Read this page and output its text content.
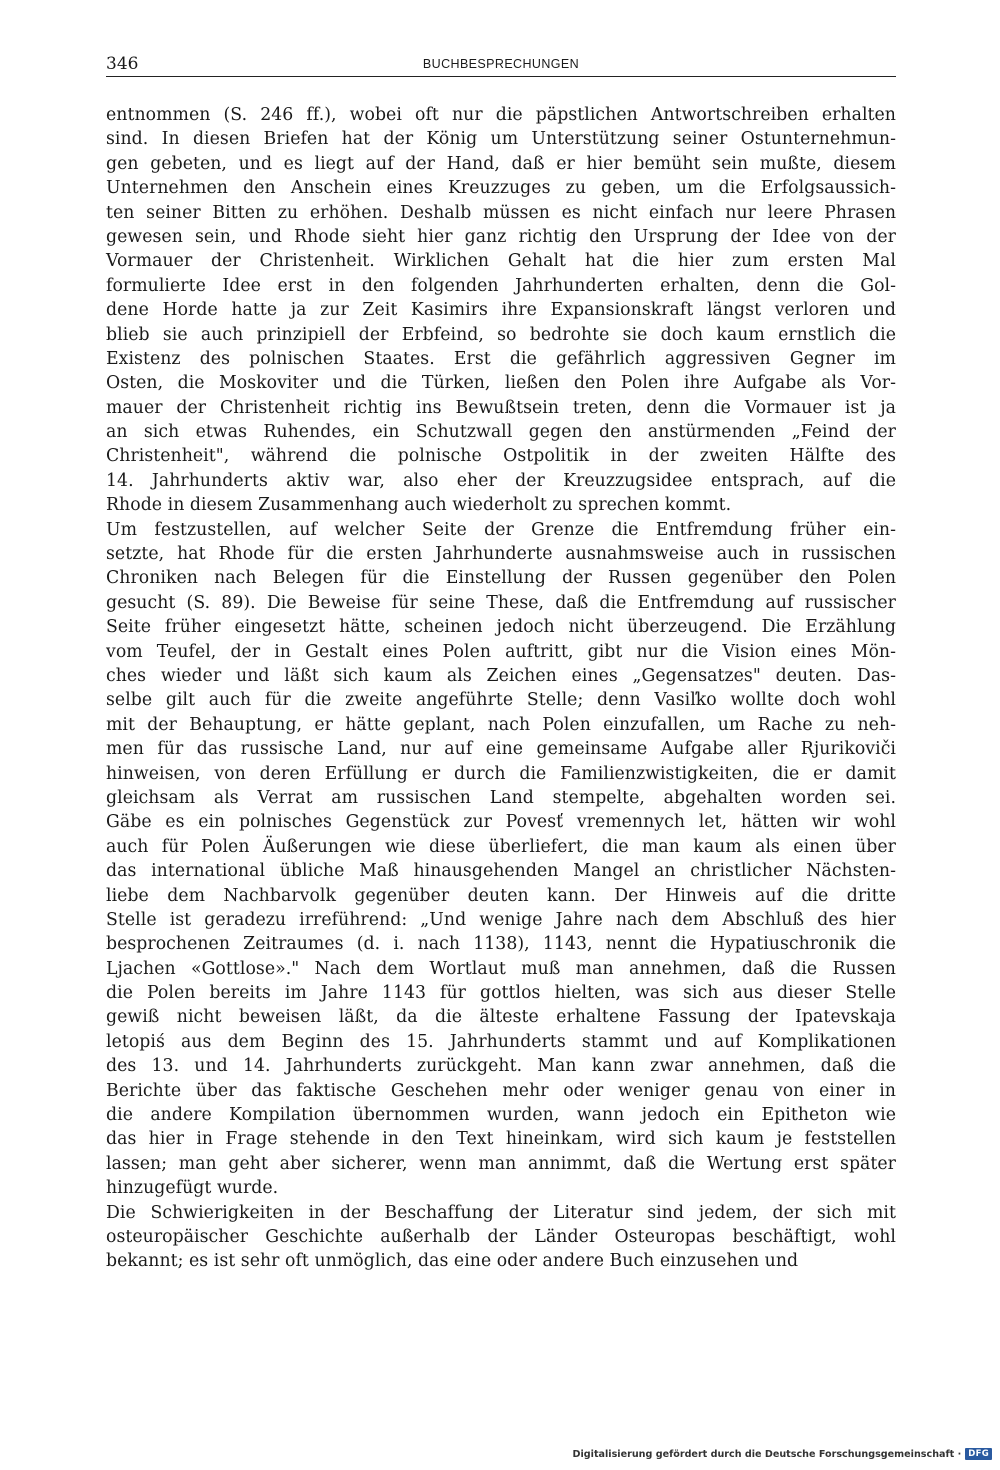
346	BUCHBESPRECHUNGEN
entnommen (S. 246 ff.), wobei oft nur die päpstlichen Antwortschreiben erhalten
sind. In diesen Briefen hat der König um Unterstützung seiner Ostunternehmun-
gen gebeten, und es liegt auf der Hand, daß er hier bemüht sein mußte, diesem
Unternehmen den Anschein eines Kreuzzuges zu geben, um die Erfolgsaussich-
ten seiner Bitten zu erhöhen. Deshalb müssen es nicht einfach nur leere Phrasen
gewesen sein, und Rhode sieht hier ganz richtig den Ursprung der Idee von der
Vormauer der Christenheit. Wirklichen Gehalt hat die hier zum ersten Mal
formulierte Idee erst in den folgenden Jahrhunderten erhalten, denn die Gol-
dene Horde hatte ja zur Zeit Kasimirs ihre Expansionskraft längst verloren und
blieb sie auch prinzipiell der Erbfeind, so bedrohte sie doch kaum ernstlich die
Existenz des polnischen Staates. Erst die gefährlich aggressiven Gegner im
Osten, die Moskoviter und die Türken, ließen den Polen ihre Aufgabe als Vor-
mauer der Christenheit richtig ins Bewußtsein treten, denn die Vormauer ist ja
an sich etwas Ruhendes, ein Schutzwall gegen den anstürmenden „Feind der
Christenheit", während die polnische Ostpolitik in der zweiten Hälfte des
14. Jahrhunderts aktiv war, also eher der Kreuzzugsidee entsprach, auf die
Rhode in diesem Zusammenhang auch wiederholt zu sprechen kommt.
Um festzustellen, auf welcher Seite der Grenze die Entfremdung früher ein-
setzte, hat Rhode für die ersten Jahrhunderte ausnahmsweise auch in russischen
Chroniken nach Belegen für die Einstellung der Russen gegenüber den Polen
gesucht (S. 89). Die Beweise für seine These, daß die Entfremdung auf russischer
Seite früher eingesetzt hätte, scheinen jedoch nicht überzeugend. Die Erzählung
vom Teufel, der in Gestalt eines Polen auftritt, gibt nur die Vision eines Mön-
ches wieder und läßt sich kaum als Zeichen eines „Gegensatzes" deuten. Das-
selbe gilt auch für die zweite angeführte Stelle; denn Vasiľko wollte doch wohl
mit der Behauptung, er hätte geplant, nach Polen einzufallen, um Rache zu neh-
men für das russische Land, nur auf eine gemeinsame Aufgabe aller Rjurikoviči
hinweisen, von deren Erfüllung er durch die Familienzwistigkeiten, die er damit
gleichsam als Verrat am russischen Land stempelte, abgehalten worden sei.
Gäbe es ein polnisches Gegenstück zur Povesť vremennych let, hätten wir wohl
auch für Polen Äußerungen wie diese überliefert, die man kaum als einen über
das international übliche Maß hinausgehenden Mangel an christlicher Nächsten-
liebe dem Nachbarvolk gegenüber deuten kann. Der Hinweis auf die dritte
Stelle ist geradezu irreführend: „Und wenige Jahre nach dem Abschluß des hier
besprochenen Zeitraumes (d. i. nach 1138), 1143, nennt die Hypatiuschronik die
Ljachen «Gottlose»." Nach dem Wortlaut muß man annehmen, daß die Russen
die Polen bereits im Jahre 1143 für gottlos hielten, was sich aus dieser Stelle
gewiß nicht beweisen läßt, da die älteste erhaltene Fassung der Ipatevskaja
letopiś aus dem Beginn des 15. Jahrhunderts stammt und auf Komplikationen
des 13. und 14. Jahrhunderts zurückgeht. Man kann zwar annehmen, daß die
Berichte über das faktische Geschehen mehr oder weniger genau von einer in
die andere Kompilation übernommen wurden, wann jedoch ein Epitheton wie
das hier in Frage stehende in den Text hineinkam, wird sich kaum je feststellen
lassen; man geht aber sicherer, wenn man annimmt, daß die Wertung erst später
hinzugefügt wurde.
Die Schwierigkeiten in der Beschaffung der Literatur sind jedem, der sich mit
osteuropäischer Geschichte außerhalb der Länder Osteuropas beschäftigt, wohl
bekannt; es ist sehr oft unmöglich, das eine oder andere Buch einzusehen und
Digitalisierung gefördert durch die Deutsche Forschungsgemeinschaft · DFG
